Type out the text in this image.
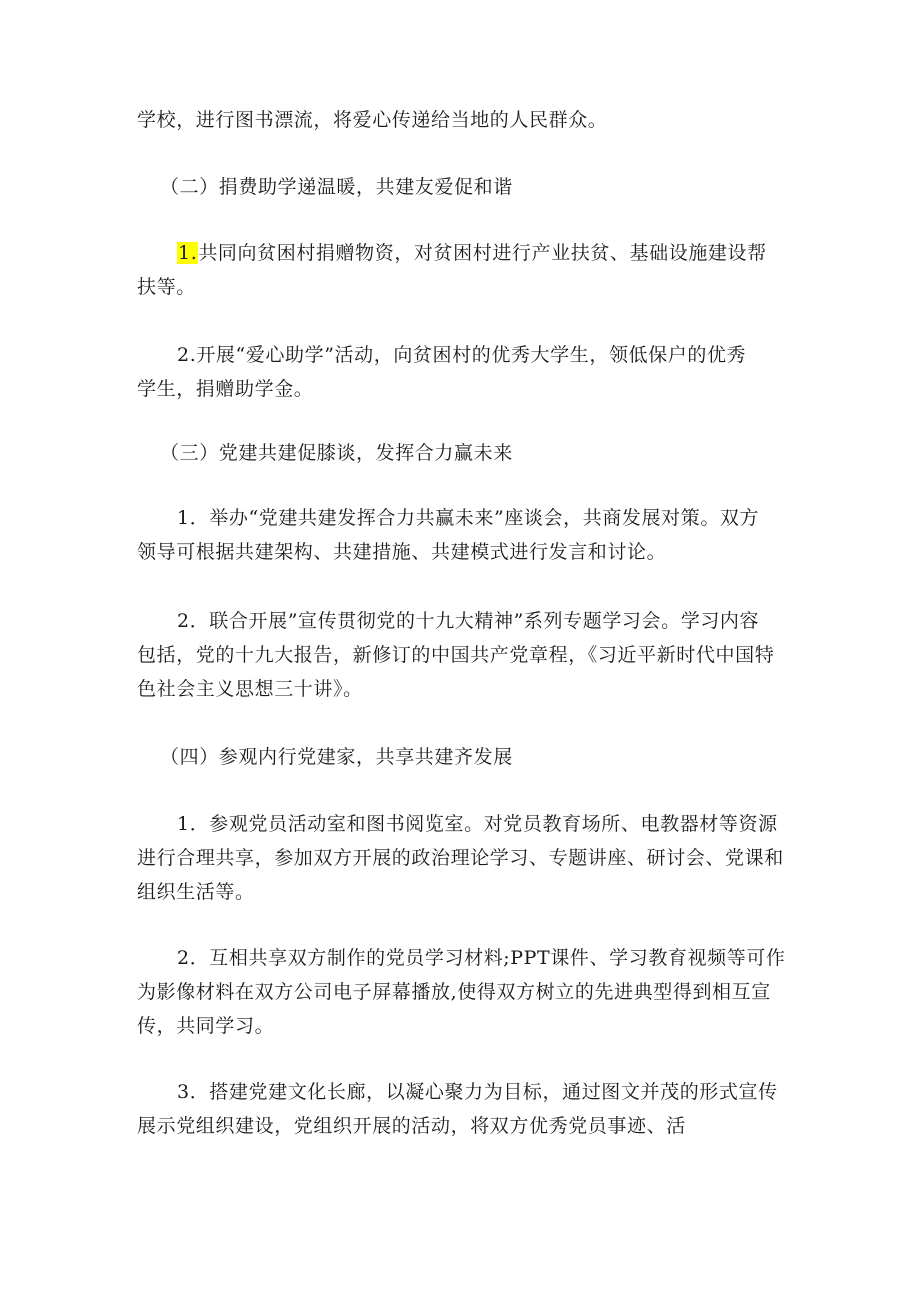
学校，进行图书漂流，将爱心传递给当地的人民群众。
（二）捐费助学递温暖，共建友爱促和谐
1.共同向贫困村捐赠物资，对贫困村进行产业扶贫、基础设施建设帮
扶等。
2.开展“爱心助学”活动，向贫困村的优秀大学生，领低保户的优秀
学生，捐赠助学金。
（三）党建共建促膝谈，发挥合力赢未来
1．举办“党建共建发挥合力共赢未来”座谈会，共商发展对策。双方
领导可根据共建架构、共建措施、共建模式进行发言和讨论。
2．联合开展”宣传贯彻党的十九大精神”系列专题学习会。学习内容
包括，党的十九大报告，新修订的中国共产党章程，《习近平新时代中国特
色社会主义思想三十讲》。
（四）参观内行党建家，共享共建齐发展
1．参观党员活动室和图书阅览室。对党员教育场所、电教器材等资源
进行合理共享，参加双方开展的政治理论学习、专题讲座、研讨会、党课和
组织生活等。
2．互相共享双方制作的党员学习材料;PPT课件、学习教育视频等可作
为影像材料在双方公司电子屏幕播放,使得双方树立的先进典型得到相互宣
传，共同学习。
3．搭建党建文化长廊，以凝心聚力为目标，通过图文并茂的形式宣传
展示党组织建设，党组织开展的活动，将双方优秀党员事迹、活
